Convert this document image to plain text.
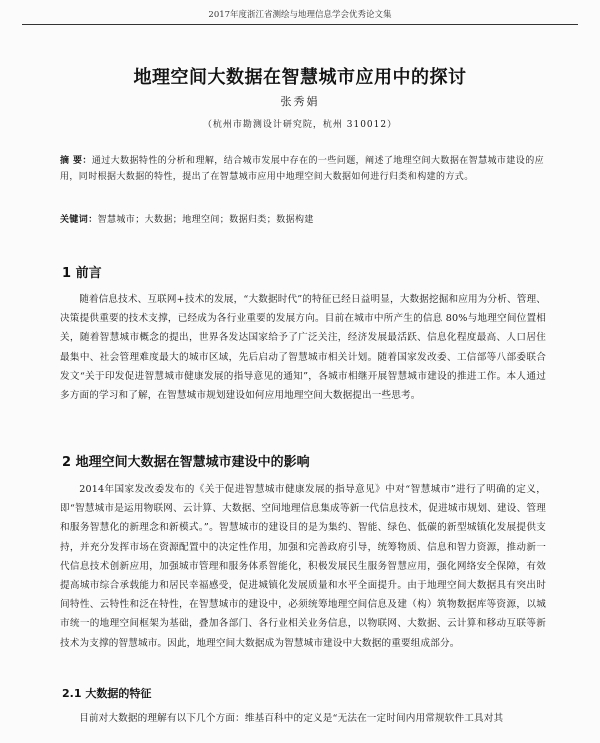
2017年度浙江省测绘与地理信息学会优秀论文集
地理空间大数据在智慧城市应用中的探讨
张秀娟
（杭州市勘测设计研究院，杭州 310012）
摘 要：通过大数据特性的分析和理解，结合城市发展中存在的一些问题，阐述了地理空间大数据在智慧城市建设的应用，同时根据大数据的特性，提出了在智慧城市应用中地理空间大数据如何进行归类和构建的方式。
关键词：智慧城市；大数据；地理空间；数据归类；数据构建
1 前言
随着信息技术、互联网+技术的发展，“大数据时代”的特征已经日益明显，大数据挖掘和应用为分析、管理、决策提供重要的技术支撑，已经成为各行业重要的发展方向。目前在城市中所产生的信息 80%与地理空间位置相关，随着智慧城市概念的提出，世界各发达国家给予了广泛关注，经济发展最活跃、信息化程度最高、人口居住最集中、社会管理难度最大的城市区域，先后启动了智慧城市相关计划。随着国家发改委、工信部等八部委联合发文“关于印发促进智慧城市健康发展的指导意见的通知”，各城市相继开展智慧城市建设的推进工作。本人通过多方面的学习和了解，在智慧城市规划建设如何应用地理空间大数据提出一些思考。
2 地理空间大数据在智慧城市建设中的影响
2014年国家发改委发布的《关于促进智慧城市健康发展的指导意见》中对“智慧城市”进行了明确的定义，即“智慧城市是运用物联网、云计算、大数据、空间地理信息集成等新一代信息技术，促进城市规划、建设、管理和服务智慧化的新理念和新模式。”。智慧城市的建设目的是为集约、智能、绿色、低碳的新型城镇化发展提供支持，并充分发挥市场在资源配置中的决定性作用，加强和完善政府引导，统筹物质、信息和智力资源，推动新一代信息技术创新应用，加强城市管理和服务体系智能化，积极发展民生服务智慧应用，强化网络安全保障，有效提高城市综合承载能力和居民幸福感受，促进城镇化发展质量和水平全面提升。由于地理空间大数据具有突出时间特性、云特性和泛在特性，在智慧城市的建设中，必须统筹地理空间信息及建（构）筑物数据库等资源，以城市统一的地理空间框架为基础，叠加各部门、各行业相关业务信息，以物联网、大数据、云计算和移动互联等新技术为支撑的智慧城市。因此，地理空间大数据成为智慧城市建设中大数据的重要组成部分。
2.1 大数据的特征
目前对大数据的理解有以下几个方面：维基百科中的定义是“无法在一定时间内用常规软件工具对其
